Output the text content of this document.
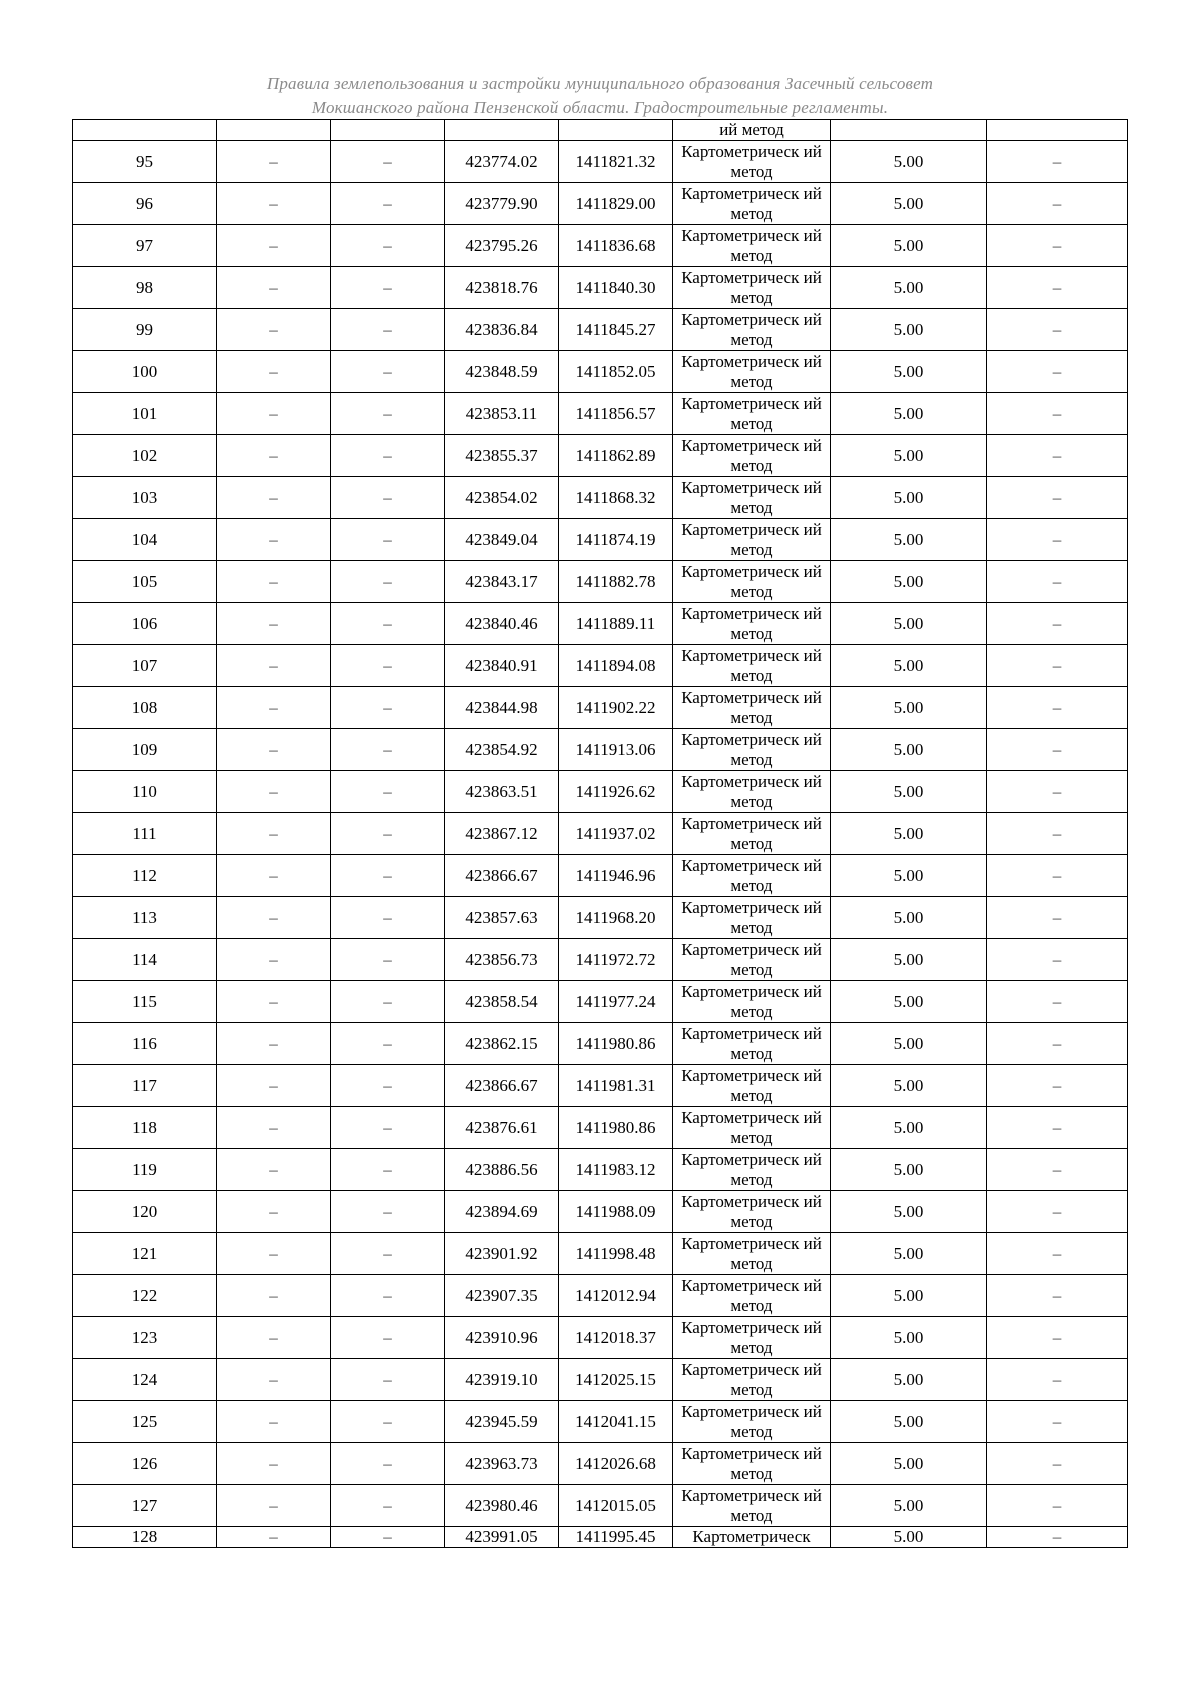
Правила землепользования и застройки муниципального образования Засечный сельсовет
Мокшанского района Пензенской области. Градостроительные регламенты.
					ий метод		
95	–	–	423774.02	1411821.32	Картометрическ ий метод	5.00	–
96	–	–	423779.90	1411829.00	Картометрическ ий метод	5.00	–
97	–	–	423795.26	1411836.68	Картометрическ ий метод	5.00	–
98	–	–	423818.76	1411840.30	Картометрическ ий метод	5.00	–
99	–	–	423836.84	1411845.27	Картометрическ ий метод	5.00	–
100	–	–	423848.59	1411852.05	Картометрическ ий метод	5.00	–
101	–	–	423853.11	1411856.57	Картометрическ ий метод	5.00	–
102	–	–	423855.37	1411862.89	Картометрическ ий метод	5.00	–
103	–	–	423854.02	1411868.32	Картометрическ ий метод	5.00	–
104	–	–	423849.04	1411874.19	Картометрическ ий метод	5.00	–
105	–	–	423843.17	1411882.78	Картометрическ ий метод	5.00	–
106	–	–	423840.46	1411889.11	Картометрическ ий метод	5.00	–
107	–	–	423840.91	1411894.08	Картометрическ ий метод	5.00	–
108	–	–	423844.98	1411902.22	Картометрическ ий метод	5.00	–
109	–	–	423854.92	1411913.06	Картометрическ ий метод	5.00	–
110	–	–	423863.51	1411926.62	Картометрическ ий метод	5.00	–
111	–	–	423867.12	1411937.02	Картометрическ ий метод	5.00	–
112	–	–	423866.67	1411946.96	Картометрическ ий метод	5.00	–
113	–	–	423857.63	1411968.20	Картометрическ ий метод	5.00	–
114	–	–	423856.73	1411972.72	Картометрическ ий метод	5.00	–
115	–	–	423858.54	1411977.24	Картометрическ ий метод	5.00	–
116	–	–	423862.15	1411980.86	Картометрическ ий метод	5.00	–
117	–	–	423866.67	1411981.31	Картометрическ ий метод	5.00	–
118	–	–	423876.61	1411980.86	Картометрическ ий метод	5.00	–
119	–	–	423886.56	1411983.12	Картометрическ ий метод	5.00	–
120	–	–	423894.69	1411988.09	Картометрическ ий метод	5.00	–
121	–	–	423901.92	1411998.48	Картометрическ ий метод	5.00	–
122	–	–	423907.35	1412012.94	Картометрическ ий метод	5.00	–
123	–	–	423910.96	1412018.37	Картометрическ ий метод	5.00	–
124	–	–	423919.10	1412025.15	Картометрическ ий метод	5.00	–
125	–	–	423945.59	1412041.15	Картометрическ ий метод	5.00	–
126	–	–	423963.73	1412026.68	Картометрическ ий метод	5.00	–
127	–	–	423980.46	1412015.05	Картометрическ ий метод	5.00	–
128	–	–	423991.05	1411995.45	Картометрическ	5.00	–
